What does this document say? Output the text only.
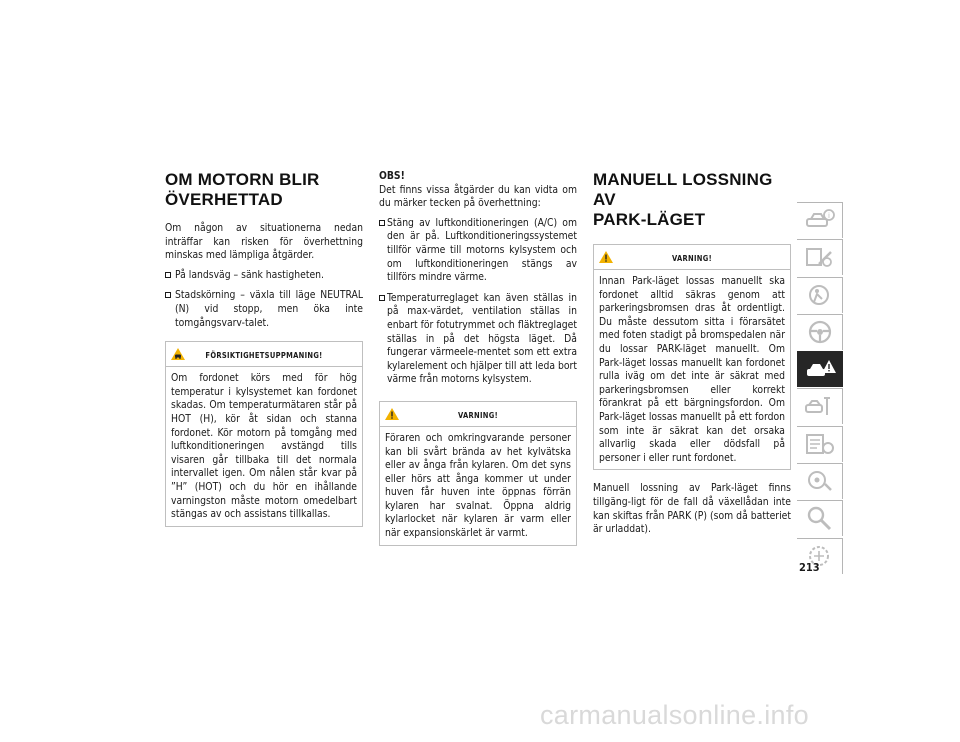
OM MOTORN BLIR
ÖVERHETTAD

Om någon av situationerna nedan inträffar kan risken för överhettning minskas med lämpliga åtgärder.

På landsväg – sänk hastigheten.
Stadskörning – växla till läge NEUTRAL (N) vid stopp, men öka inte tomgångsvarv-talet.
FÖRSIKTIGHETSUPPMANING!
Om fordonet körs med för hög temperatur i kylsystemet kan fordonet skadas. Om temperaturmätaren står på HOT (H), kör åt sidan och stanna fordonet. Kör motorn på tomgång med luftkonditioneringen avstängd tills visaren går tillbaka till det normala intervallet igen. Om nålen står kvar på ”H” (HOT) och du hör en ihållande varningston måste motorn omedelbart stängas av och assistans tillkallas.
OBS!

Det finns vissa åtgärder du kan vidta om du märker tecken på överhettning:

Stäng av luftkonditioneringen (A/C) om den är på. Luftkonditioneringssystemet tillför värme till motorns kylsystem och om luftkonditioneringen stängs av tillförs mindre värme.
Temperaturreglaget kan även ställas in på max-värdet, ventilation ställas in enbart för fotutrymmet och fläktreglaget ställas in på det högsta läget. Då fungerar värmeele-mentet som ett extra kylarelement och hjälper till att leda bort värme från motorns kylsystem.
VARNING!
Föraren och omkringvarande personer kan bli svårt brända av het kylvätska eller av ånga från kylaren. Om det syns eller hörs att ånga kommer ut under huven får huven inte öppnas förrän kylaren har svalnat. Öppna aldrig kylarlocket när kylaren är varm eller när expansionskärlet är varmt.
MANUELL LOSSNING AV
PARK-LÄGET
VARNING!
Innan Park-läget lossas manuellt ska fordonet alltid säkras genom att parkeringsbromsen dras åt ordentligt. Du måste dessutom sitta i förarsätet med foten stadigt på bromspedalen när du lossar PARK-läget manuellt. Om Park-läget lossas manuellt kan fordonet rulla iväg om det inte är säkrat med parkeringsbromsen eller korrekt förankrat på ett bärgningsfordon. Om Park-läget lossas manuellt på ett fordon som inte är säkrat kan det orsaka allvarlig skada eller dödsfall på personer i eller runt fordonet.

Manuell lossning av Park-läget finns tillgäng-ligt för de fall då växellådan inte kan skiftas från PARK (P) (som då batteriet är urladdat).

i
213
carmanualsonline.info
